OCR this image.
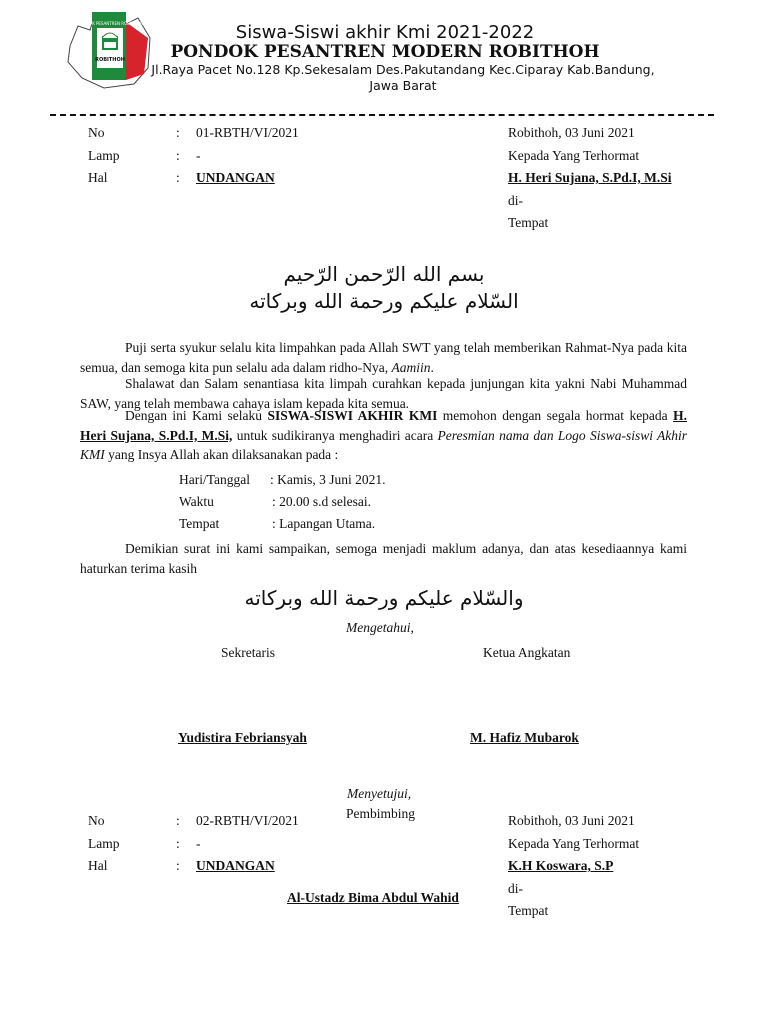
PONDOK PESANTREN ROBITHOH
ROBITHOH
Siswa-Siswi akhir Kmi 2021-2022
PONDOK PESANTREN MODERN ROBITHOH
Jl.Raya Pacet No.128 Kp.Sekesalam Des.Pakutandang Kec.Ciparay Kab.Bandung, Jawa Barat
No	: 01-RBTH/VI/2021
Lamp	: -
Hal	: UNDANGAN
Robithoh, 03 Juni 2021
Kepada Yang Terhormat
H. Heri Sujana, S.Pd.I, M.Si
di-
Tempat
بسم الله الرّحمن الرّحيم
السّلام عليكم ورحمة الله وبركاته
Puji serta syukur selalu kita limpahkan pada Allah SWT yang telah memberikan Rahmat-Nya pada kita semua, dan semoga kita pun selalu ada dalam ridho-Nya, Aamiin.
Shalawat dan Salam senantiasa kita limpah curahkan kepada junjungan kita yakni Nabi Muhammad SAW, yang telah membawa cahaya islam kepada kita semua.
Dengan ini Kami selaku SISWA-SISWI AKHIR KMI memohon dengan segala hormat kepada H. Heri Sujana, S.Pd.I, M.Si, untuk sudikiranya menghadiri acara Peresmian nama dan Logo Siswa-siswi Akhir KMI yang Insya Allah akan dilaksanakan pada :
Hari/Tanggal : Kamis, 3 Juni 2021.
Waktu	: 20.00 s.d selesai.
Tempat	: Lapangan Utama.
Demikian surat ini kami sampaikan, semoga menjadi maklum adanya, dan atas kesediaannya kami haturkan terima kasih
والسّلام عليكم ورحمة الله وبركاته
Mengetahui,
Sekretaris	Ketua Angkatan
Yudistira Febriansyah	M. Hafiz Mubarok
Menyetujui,
Pembimbing
No	: 02-RBTH/VI/2021
Lamp	: -
Hal	: UNDANGAN
Robithoh, 03 Juni 2021
Kepada Yang Terhormat
K.H Koswara, S.P
di-
Tempat
Al-Ustadz Bima Abdul Wahid
